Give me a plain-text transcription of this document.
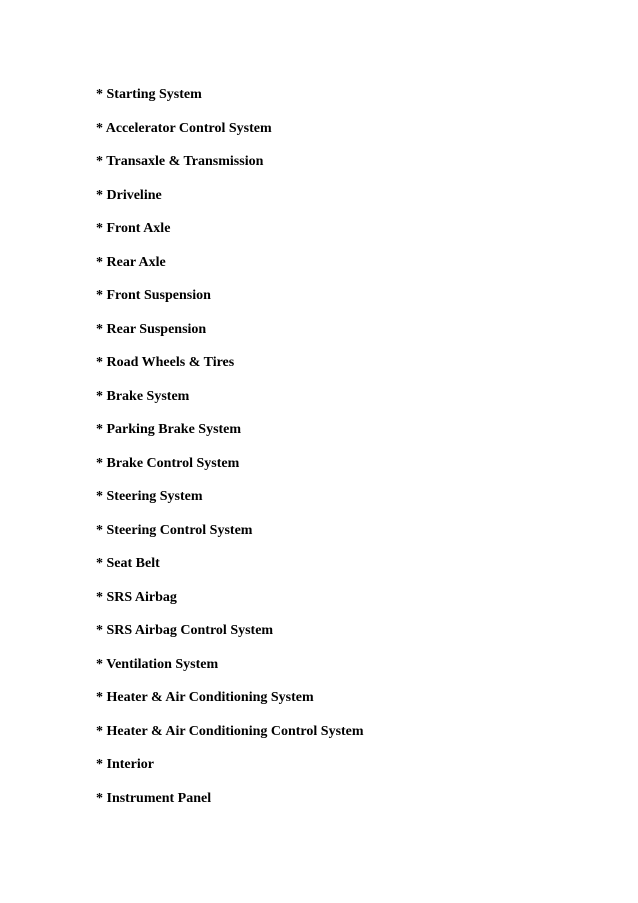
* Starting System
* Accelerator Control System
* Transaxle & Transmission
* Driveline
* Front Axle
* Rear Axle
* Front Suspension
* Rear Suspension
* Road Wheels & Tires
* Brake System
* Parking Brake System
* Brake Control System
* Steering System
* Steering Control System
* Seat Belt
* SRS Airbag
* SRS Airbag Control System
* Ventilation System
* Heater & Air Conditioning System
* Heater & Air Conditioning Control System
* Interior
* Instrument Panel
